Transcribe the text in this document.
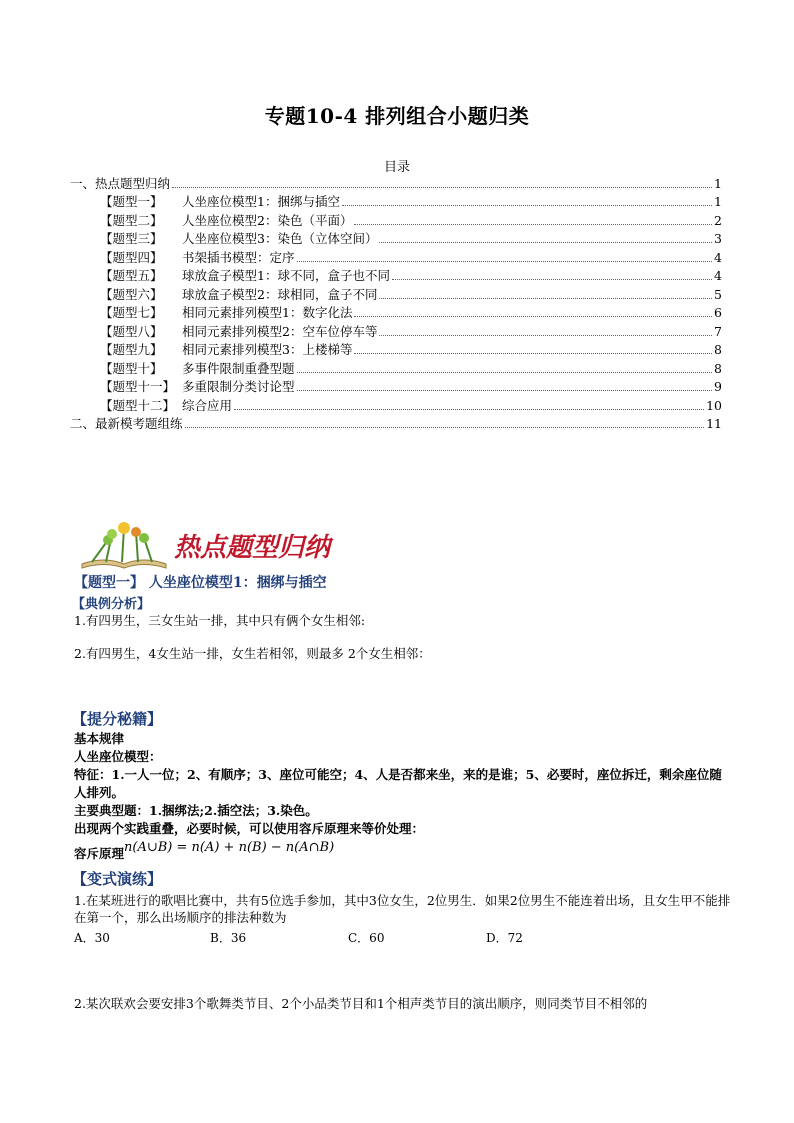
专题10-4 排列组合小题归类
目录
一、热点题型归纳	1
【题型一】	人坐座位模型1：捆绑与插空	1
【题型二】	人坐座位模型2：染色（平面）	2
【题型三】	人坐座位模型3：染色（立体空间）	3
【题型四】	书架插书模型：定序	4
【题型五】	球放盒子模型1：球不同，盒子也不同	4
【题型六】	球放盒子模型2：球相同，盒子不同	5
【题型七】	相同元素排列模型1：数字化法	6
【题型八】	相同元素排列模型2：空车位停车等	7
【题型九】	相同元素排列模型3：上楼梯等	8
【题型十】	多事件限制重叠型题	8
【题型十一】 多重限制分类讨论型	9
【题型十二】 综合应用	10
二、最新模考题组练	11
热点题型归纳
【题型一】 人坐座位模型1：捆绑与插空
【典例分析】
1.有四男生，三女生站一排，其中只有俩个女生相邻:
2.有四男生，4女生站一排，女生若相邻，则最多 2个女生相邻：
【提分秘籍】
基本规律
人坐座位模型：
特征：1.一人一位；2、有顺序；3、座位可能空；4、人是否都来坐，来的是谁；5、必要时，座位拆迁，剩余座位随人排列。
主要典型题：1.捆绑法;2.插空法；3.染色。
出现两个实践重叠，必要时候，可以使用容斥原理来等价处理：
容斥原理n(A∪B) = n(A) + n(B) − n(A∩B)
【变式演练】
1.在某班进行的歌唱比赛中，共有5位选手参加，其中3位女生，2位男生．如果2位男生不能连着出场，且女生甲不能排在第一个，那么出场顺序的排法种数为
A．30	B．36	C．60	D．72
2.某次联欢会要安排3个歌舞类节目、2个小品类节目和1个相声类节目的演出顺序，则同类节目不相邻的
